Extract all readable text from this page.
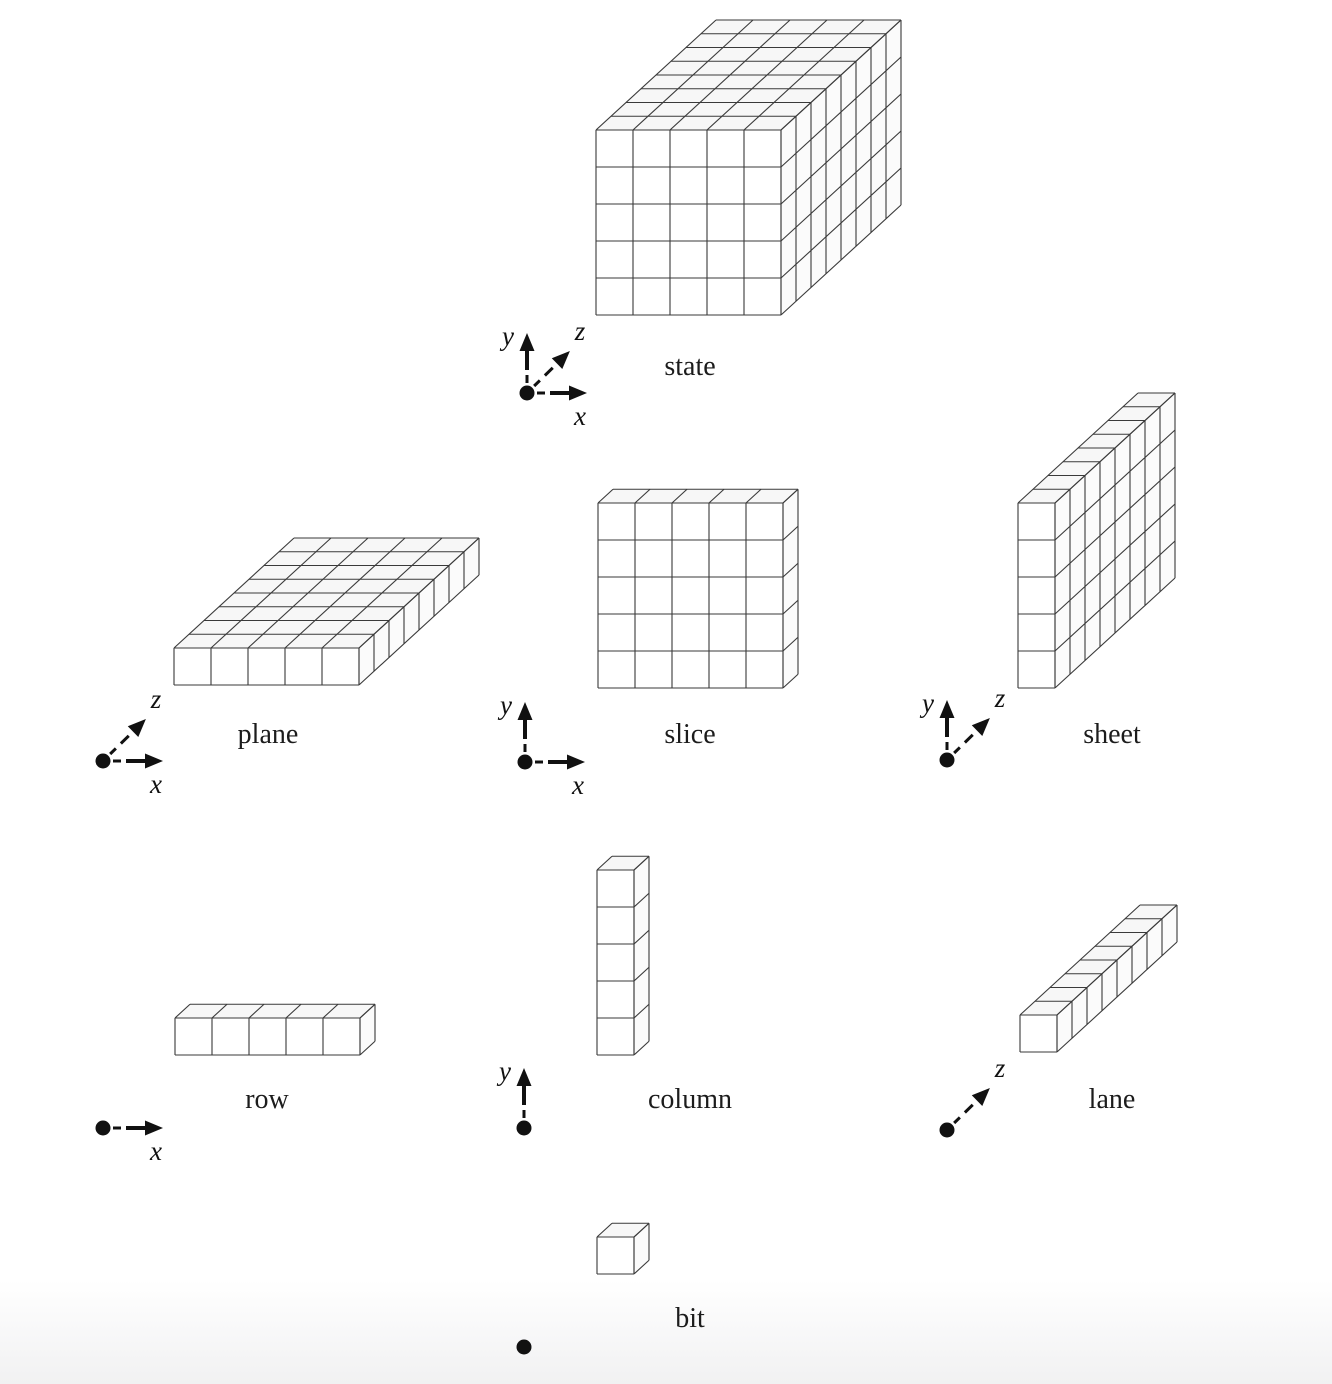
y z
x
state
z
x
plane
y
x
slice
y z
sheet
x
row
y
column
z
lane
bit
